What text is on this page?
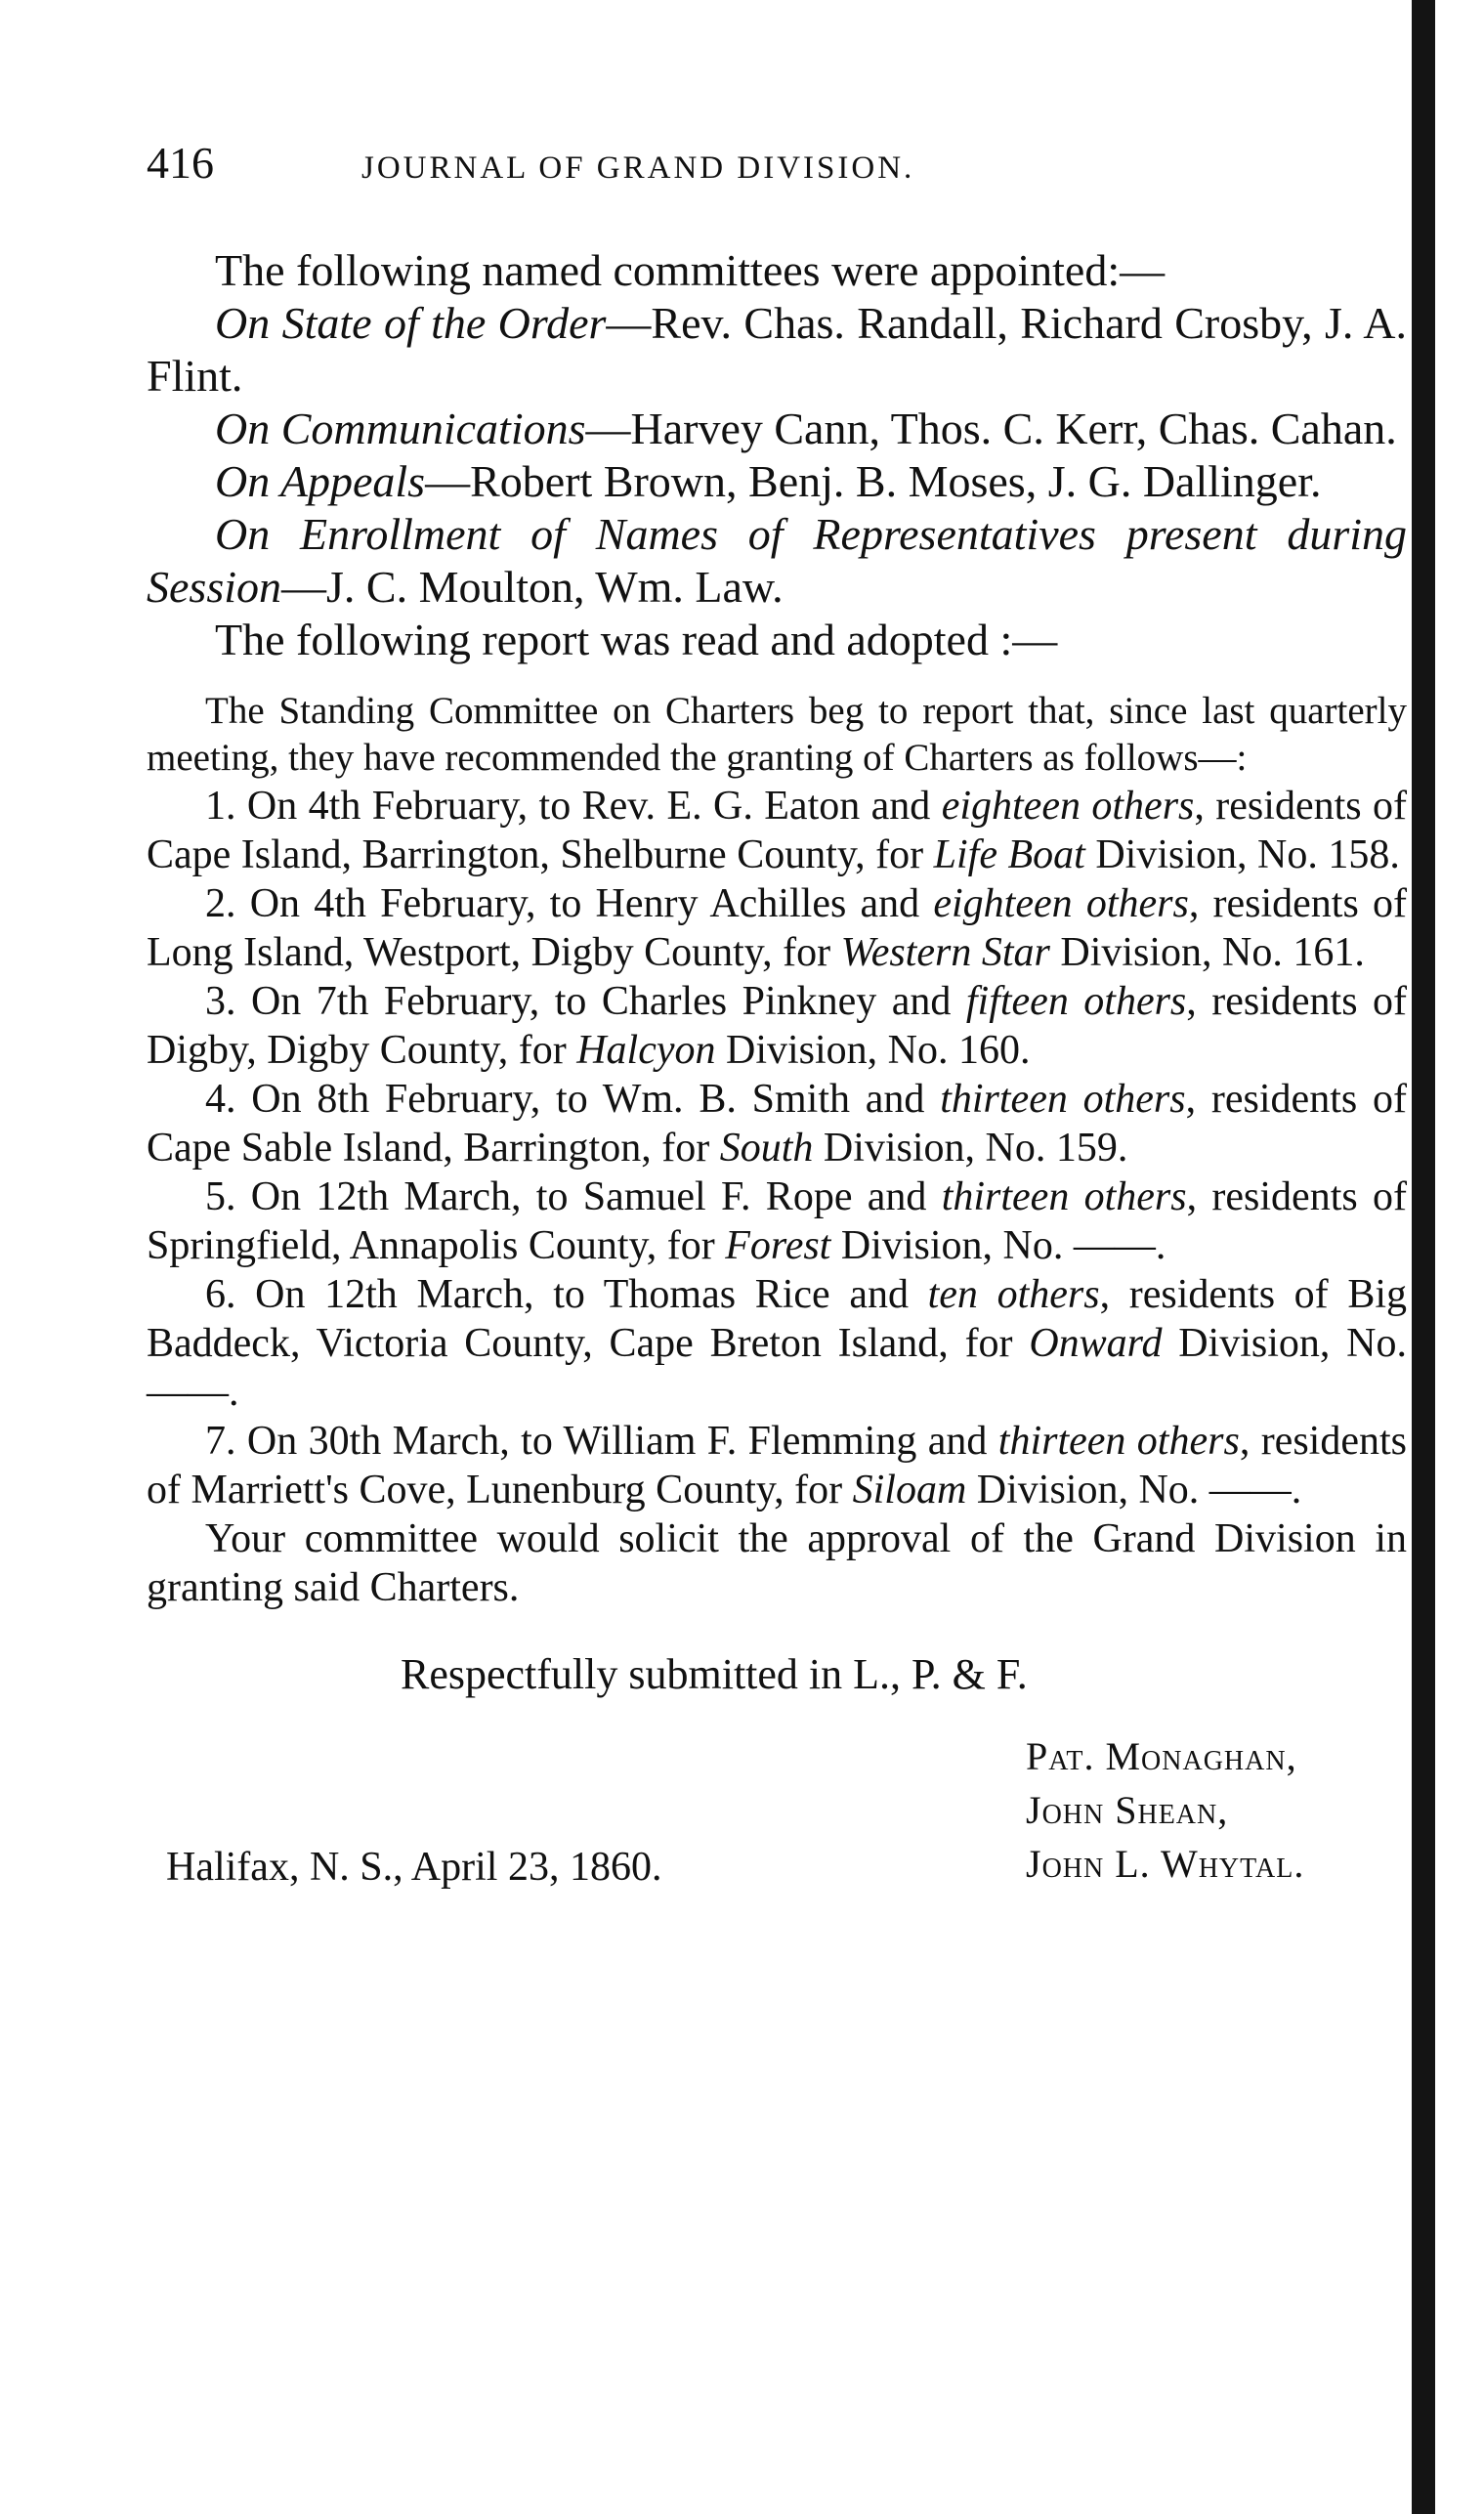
416	JOURNAL OF GRAND DIVISION.

The following named committees were appointed:—

On State of the Order—Rev. Chas. Randall, Richard Crosby, J. A. Flint.

On Communications—Harvey Cann, Thos. C. Kerr, Chas. Cahan.

On Appeals—Robert Brown, Benj. B. Moses, J. G. Dallinger.

On Enrollment of Names of Representatives present during Session—J. C. Moulton, Wm. Law.

The following report was read and adopted :—

The Standing Committee on Charters beg to report that, since last quarterly meeting, they have recommended the granting of Charters as follows—:

1. On 4th February, to Rev. E. G. Eaton and eighteen others, residents of Cape Island, Barrington, Shelburne County, for Life Boat Division, No. 158.
2. On 4th February, to Henry Achilles and eighteen others, residents of Long Island, Westport, Digby County, for Western Star Division, No. 161.
3. On 7th February, to Charles Pinkney and fifteen others, residents of Digby, Digby County, for Halcyon Division, No. 160.
4. On 8th February, to Wm. B. Smith and thirteen others, residents of Cape Sable Island, Barrington, for South Division, No. 159.
5. On 12th March, to Samuel F. Rope and thirteen others, residents of Springfield, Annapolis County, for Forest Division, No. ——.
6. On 12th March, to Thomas Rice and ten others, residents of Big Baddeck, Victoria County, Cape Breton Island, for Onward Division, No. ——.
7. On 30th March, to William F. Flemming and thirteen others, residents of Marriett's Cove, Lunenburg County, for Siloam Division, No. ——.

Your committee would solicit the approval of the Grand Division in granting said Charters.

Respectfully submitted in L., P. & F.

Pat. Monaghan,
John Shean,
John L. Whytal.
Halifax, N. S., April 23, 1860.
